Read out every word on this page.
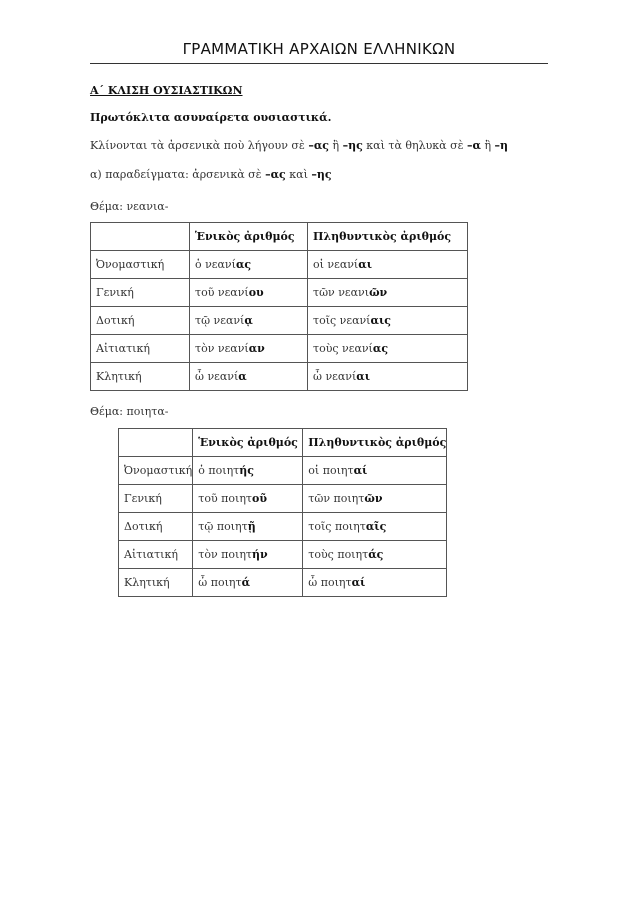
ΓΡΑΜΜΑΤΙΚΗ ΑΡΧΑΙΩΝ ΕΛΛΗΝΙΚΩΝ
Α΄ ΚΛΙΣΗ ΟΥΣΙΑΣΤΙΚΩΝ
Πρωτόκλιτα ασυναίρετα ουσιαστικά.
Κλίνονται τὰ ἀρσενικὰ ποὺ λήγουν σὲ –ας ἢ –ης καὶ τὰ θηλυκὰ σὲ –α ἢ –η
α) παραδείγματα: ἀρσενικὰ σὲ –ας καὶ –ης
Θέμα: νεανια-
	Ἑνικὸς ἀριθμός	Πληθυντικὸς ἀριθμός
Ὀνομαστική	ὁ νεανίας	οἱ νεανίαι
Γενική	τοῦ νεανίου	τῶν νεανιῶν
Δοτική	τῷ νεανίᾳ	τοῖς νεανίαις
Αἰτιατική	τὸν νεανίαν	τοὺς νεανίας
Κλητική	ὦ νεανία	ὦ νεανίαι
Θέμα: ποιητα-
	Ἑνικὸς ἀριθμός	Πληθυντικὸς ἀριθμός
Ὀνομαστική	ὁ ποιητής	οἱ ποιηταί
Γενική	τοῦ ποιητοῦ	τῶν ποιητῶν
Δοτική	τῷ ποιητῇ	τοῖς ποιηταῖς
Αἰτιατική	τὸν ποιητήν	τοὺς ποιητάς
Κλητική	ὦ ποιητά	ὦ ποιηταί
